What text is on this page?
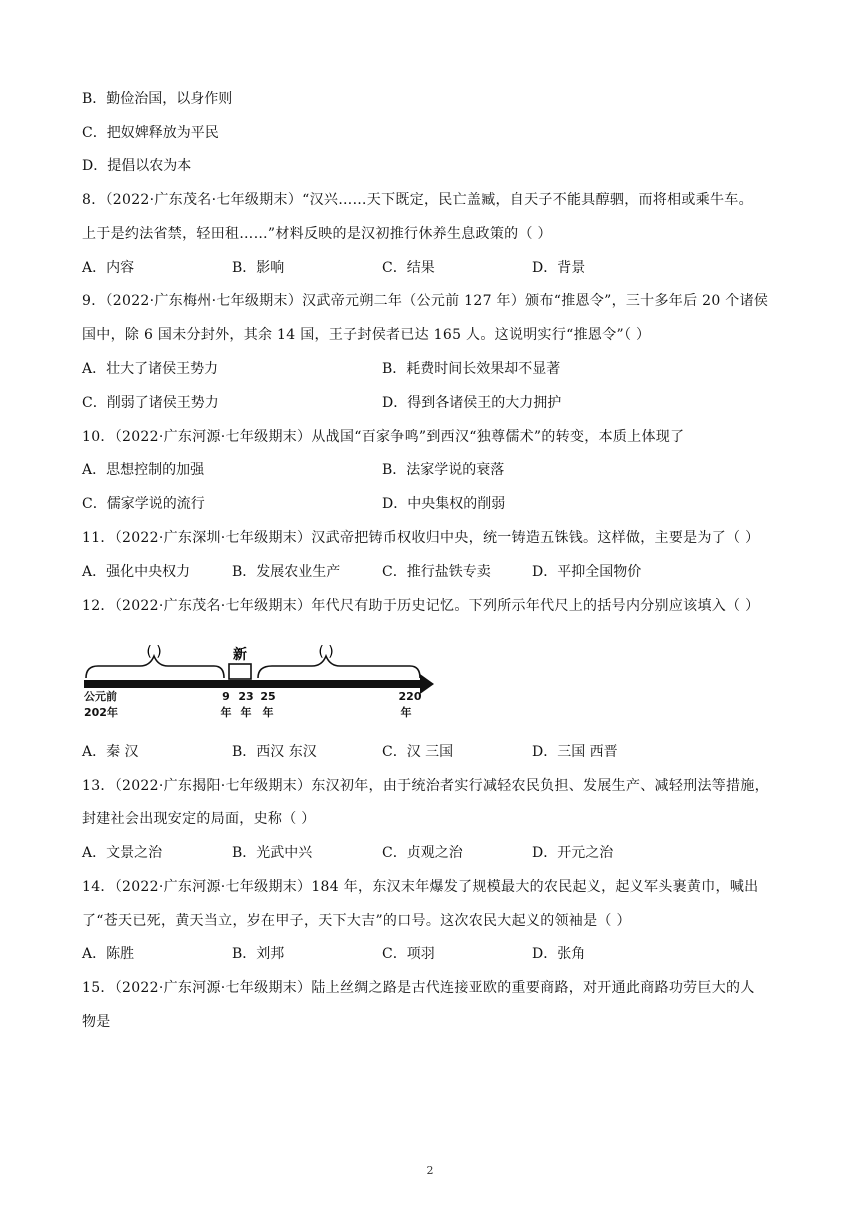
B．勤俭治国，以身作则
C．把奴婢释放为平民
D．提倡以农为本
8．（2022·广东茂名·七年级期末）“汉兴……天下既定，民亡盖臧，自天子不能具醇驷，而将相或乘牛车。
上于是约法省禁，轻田租……”材料反映的是汉初推行休养生息政策的（ ）
A．内容	B．影响	C．结果	D．背景
9．（2022·广东梅州·七年级期末）汉武帝元朔二年（公元前 127 年）颁布“推恩令”，三十多年后 20 个诸侯
国中，除 6 国未分封外，其余 14 国，王子封侯者已达 165 人。这说明实行“推恩令”（ ）
A．壮大了诸侯王势力	B．耗费时间长效果却不显著
C．削弱了诸侯王势力	D．得到各诸侯王的大力拥护
10．（2022·广东河源·七年级期末）从战国“百家争鸣”到西汉“独尊儒术”的转变，本质上体现了
A．思想控制的加强	B．法家学说的衰落
C．儒家学说的流行	D．中央集权的削弱
11．（2022·广东深圳·七年级期末）汉武帝把铸币权收归中央，统一铸造五铢钱。这样做，主要是为了（ ）
A．强化中央权力	B．发展农业生产	C．推行盐铁专卖	D．平抑全国物价
12．（2022·广东茂名·七年级期末）年代尺有助于历史记忆。下列所示年代尺上的括号内分别应该填入（ ）
( )	新	( )
公元前
202年
9
年
23
年
25
年
220
年
A．秦 汉	B．西汉 东汉	C．汉 三国	D．三国 西晋
13．（2022·广东揭阳·七年级期末）东汉初年，由于统治者实行减轻农民负担、发展生产、减轻刑法等措施，
封建社会出现安定的局面，史称（ ）
A．文景之治	B．光武中兴	C．贞观之治	D．开元之治
14．（2022·广东河源·七年级期末）184 年，东汉末年爆发了规模最大的农民起义，起义军头裹黄巾，喊出
了“苍天已死，黄天当立，岁在甲子，天下大吉”的口号。这次农民大起义的领袖是（ ）
A．陈胜	B．刘邦	C．项羽	D．张角
15．（2022·广东河源·七年级期末）陆上丝绸之路是古代连接亚欧的重要商路，对开通此商路功劳巨大的人
物是
2
